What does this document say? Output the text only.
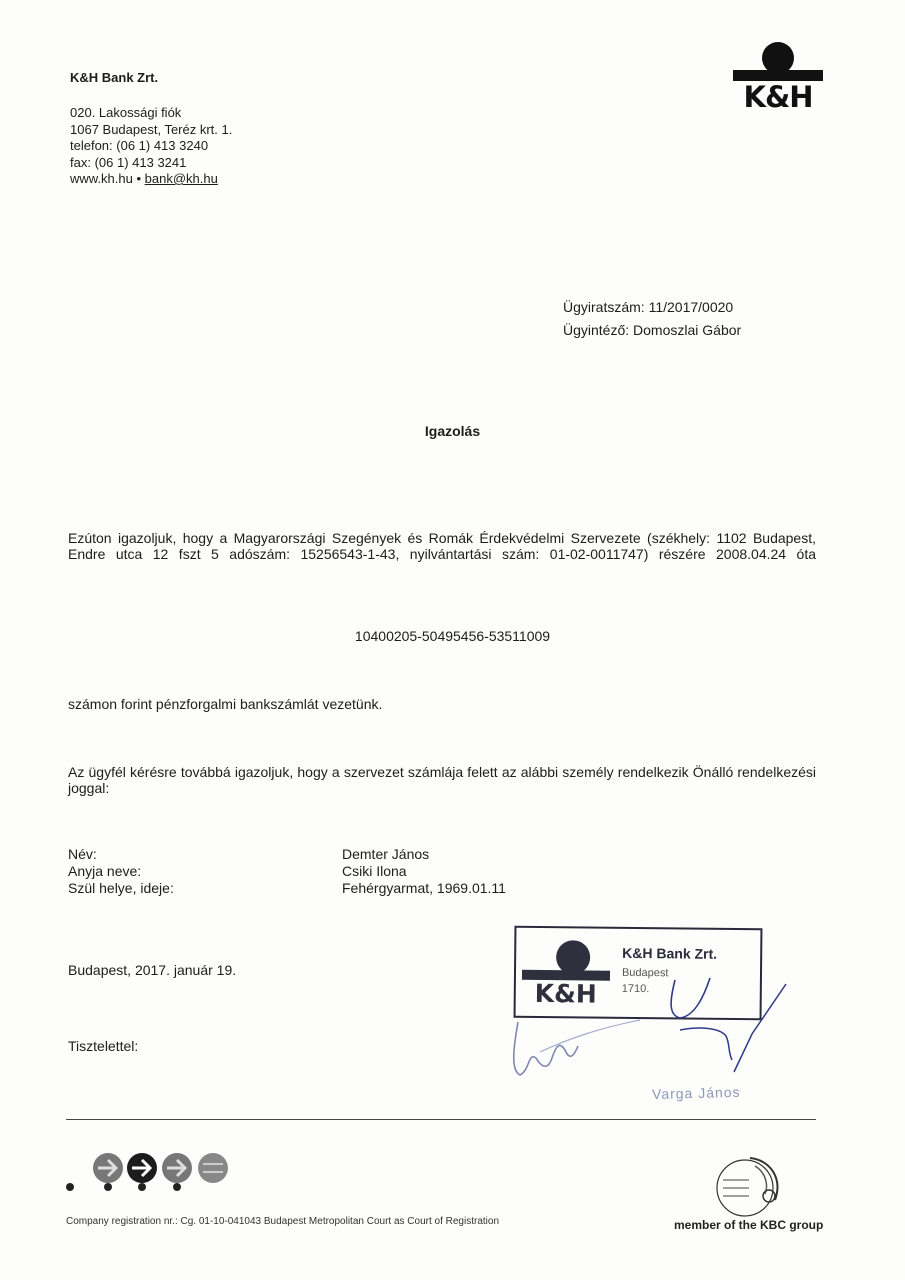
K&H Bank Zrt.
020. Lakossági fiók
1067 Budapest, Teréz krt. 1.
telefon: (06 1) 413 3240
fax: (06 1) 413 3241
www.kh.hu • bank@kh.hu
K&H
Ügyiratszám: 11/2017/0020
Ügyintéző: Domoszlai Gábor
Igazolás
Ezúton igazoljuk, hogy a Magyarországi Szegények és Romák Érdekvédelmi Szervezete (székhely: 1102 Budapest, Endre utca 12 fszt 5 adószám: 15256543-1-43, nyilvántartási szám: 01-02-0011747) részére 2008.04.24 óta
10400205-50495456-53511009
számon forint pénzforgalmi bankszámlát vezetünk.
Az ügyfél kérésre továbbá igazoljuk, hogy a szervezet számlája felett az alábbi személy rendelkezik Önálló rendelkezési joggal:
Név:	Demter János
Anyja neve:	Csiki Ilona
Szül helye, ideje:	Fehérgyarmat, 1969.01.11
Budapest, 2017. január 19.
Tisztelettel:
K&H
K&H Bank Zrt.
Budapest
1710.
Varga János
Company registration nr.: Cg. 01-10-041043 Budapest Metropolitan Court as Court of Registration	member of the KBC group
